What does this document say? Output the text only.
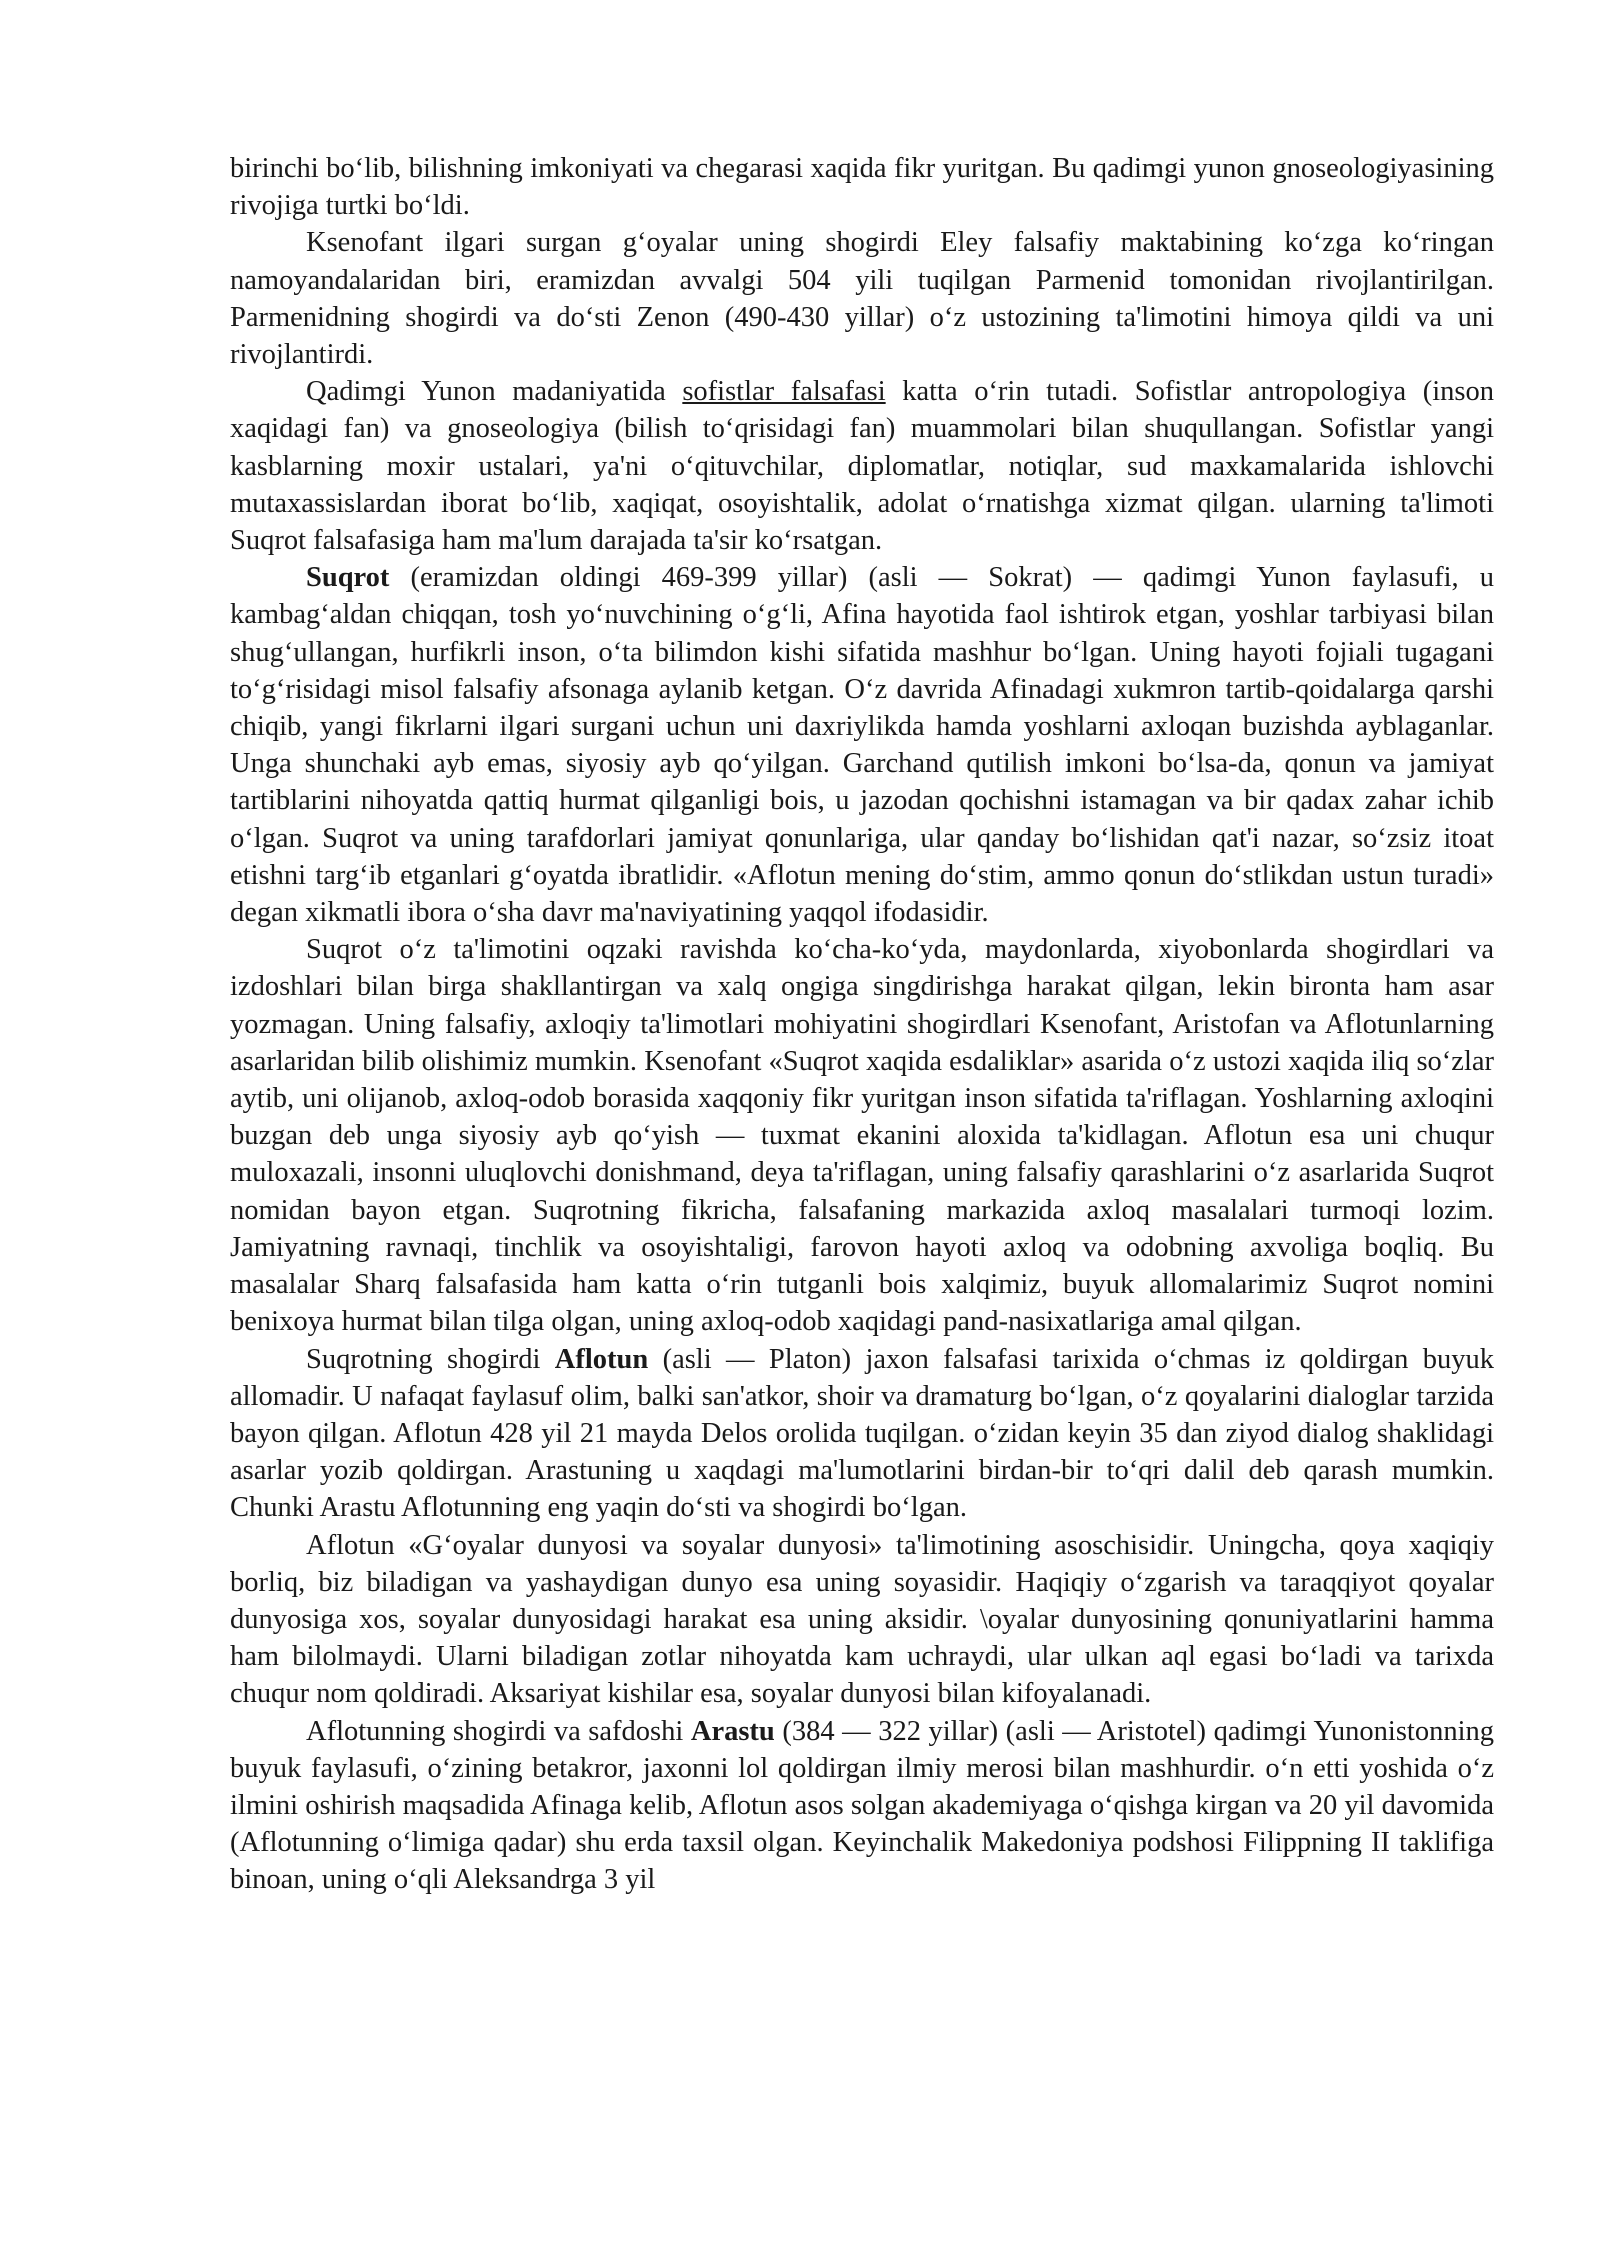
birinchi bo‘lib, bilishning imkoniyati va chegarasi xaqida fikr yuritgan. Bu qadimgi yunon gnoseologiyasining rivojiga turtki bo‘ldi.

Ksenofant ilgari surgan g‘oyalar uning shogirdi Eley falsafiy maktabining ko‘zga ko‘ringan namoyandalaridan biri, eramizdan avvalgi 504 yili tuqilgan Parmenid tomonidan rivojlantirilgan. Parmenidning shogirdi va do‘sti Zenon (490-430 yillar) o‘z ustozining ta'limotini himoya qildi va uni rivojlantirdi.

Qadimgi Yunon madaniyatida sofistlar falsafasi katta o‘rin tutadi. Sofistlar antropologiya (inson xaqidagi fan) va gnoseologiya (bilish to‘qrisidagi fan) muammolari bilan shuqullangan. Sofistlar yangi kasblarning moxir ustalari, ya'ni o‘qituvchilar, diplomatlar, notiqlar, sud maxkamalarida ishlovchi mutaxassislardan iborat bo‘lib, xaqiqat, osoyishtalik, adolat o‘rnatishga xizmat qilgan. ularning ta'limoti Suqrot falsafasiga ham ma'lum darajada ta'sir ko‘rsatgan.

Suqrot (eramizdan oldingi 469-399 yillar) (asli — Sokrat) — qadimgi Yunon faylasufi, u kambag‘aldan chiqqan, tosh yo‘nuvchining o‘g‘li, Afina hayotida faol ishtirok etgan, yoshlar tarbiyasi bilan shug‘ullangan, hurfikrli inson, o‘ta bilimdon kishi sifatida mashhur bo‘lgan. Uning hayoti fojiali tugagani to‘g‘risidagi misol falsafiy afsonaga aylanib ketgan. O‘z davrida Afinadagi xukmron tartib-qoidalarga qarshi chiqib, yangi fikrlarni ilgari surgani uchun uni daxriylikda hamda yoshlarni axloqan buzishda ayblaganlar. Unga shunchaki ayb emas, siyosiy ayb qo‘yilgan. Garchand qutilish imkoni bo‘lsa-da, qonun va jamiyat tartiblarini nihoyatda qattiq hurmat qilganligi bois, u jazodan qochishni istamagan va bir qadax zahar ichib o‘lgan. Suqrot va uning tarafdorlari jamiyat qonunlariga, ular qanday bo‘lishidan qat'i nazar, so‘zsiz itoat etishni targ‘ib etganlari g‘oyatda ibratlidir. «Aflotun mening do‘stim, ammo qonun do‘stlikdan ustun turadi» degan xikmatli ibora o‘sha davr ma'naviyatining yaqqol ifodasidir.

Suqrot o‘z ta'limotini oqzaki ravishda ko‘cha-ko‘yda, maydonlarda, xiyobonlarda shogirdlari va izdoshlari bilan birga shakllantirgan va xalq ongiga singdirishga harakat qilgan, lekin bironta ham asar yozmagan. Uning falsafiy, axloqiy ta'limotlari mohiyatini shogirdlari Ksenofant, Aristofan va Aflotunlarning asarlaridan bilib olishimiz mumkin. Ksenofant «Suqrot xaqida esdaliklar» asarida o‘z ustozi xaqida iliq so‘zlar aytib, uni olijanob, axloq-odob borasida xaqqoniy fikr yuritgan inson sifatida ta'riflagan. Yoshlarning axloqini buzgan deb unga siyosiy ayb qo‘yish — tuxmat ekanini aloxida ta'kidlagan. Aflotun esa uni chuqur muloxazali, insonni uluqlovchi donishmand, deya ta'riflagan, uning falsafiy qarashlarini o‘z asarlarida Suqrot nomidan bayon etgan. Suqrotning fikricha, falsafaning markazida axloq masalalari turmoqi lozim. Jamiyatning ravnaqi, tinchlik va osoyishtaligi, farovon hayoti axloq va odobning axvoliga boqliq. Bu masalalar Sharq falsafasida ham katta o‘rin tutganli bois xalqimiz, buyuk allomalarimiz Suqrot nomini benixoya hurmat bilan tilga olgan, uning axloq-odob xaqidagi pand-nasixatlariga amal qilgan.

Suqrotning shogirdi Aflotun (asli — Platon) jaxon falsafasi tarixida o‘chmas iz qoldirgan buyuk allomadir. U nafaqat faylasuf olim, balki san'atkor, shoir va dramaturg bo‘lgan, o‘z qoyalarini dialoglar tarzida bayon qilgan. Aflotun 428 yil 21 mayda Delos orolida tuqilgan. o‘zidan keyin 35 dan ziyod dialog shaklidagi asarlar yozib qoldirgan. Arastuning u xaqdagi ma'lumotlarini birdan-bir to‘qri dalil deb qarash mumkin. Chunki Arastu Aflotunning eng yaqin do‘sti va shogirdi bo‘lgan.

Aflotun «G‘oyalar dunyosi va soyalar dunyosi» ta'limotining asoschisidir. Uningcha, qoya xaqiqiy borliq, biz biladigan va yashaydigan dunyo esa uning soyasidir. Haqiqiy o‘zgarish va taraqqiyot qoyalar dunyosiga xos, soyalar dunyosidagi harakat esa uning aksidir. \oyalar dunyosining qonuniyatlarini hamma ham bilolmaydi. Ularni biladigan zotlar nihoyatda kam uchraydi, ular ulkan aql egasi bo‘ladi va tarixda chuqur nom qoldiradi. Aksariyat kishilar esa, soyalar dunyosi bilan kifoyalanadi.

Aflotunning shogirdi va safdoshi Arastu (384 — 322 yillar) (asli — Aristotel) qadimgi Yunonistonning buyuk faylasufi, o‘zining betakror, jaxonni lol qoldirgan ilmiy merosi bilan mashhurdir. o‘n etti yoshida o‘z ilmini oshirish maqsadida Afinaga kelib, Aflotun asos solgan akademiyaga o‘qishga kirgan va 20 yil davomida (Aflotunning o‘limiga qadar) shu erda taxsil olgan. Keyinchalik Makedoniya podshosi Filippning II taklifiga binoan, uning o‘qli Aleksandrga 3 yil
